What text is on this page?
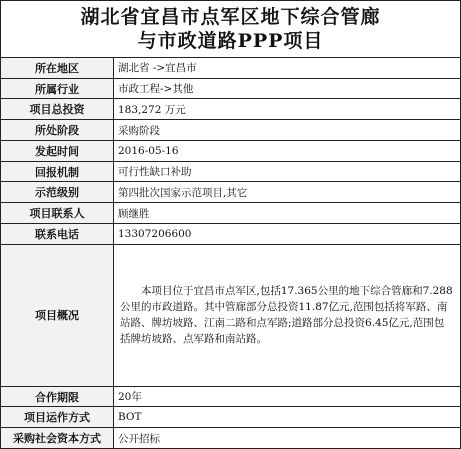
湖北省宜昌市点军区地下综合管廊
与市政道路PPP项目
所在地区	湖北省 ->宜昌市
所属行业	市政工程->其他
项目总投资	183,272 万元
所处阶段	采购阶段
发起时间	2016-05-16
回报机制	可行性缺口补助
示范级别	第四批次国家示范项目,其它
项目联系人	顾继胜
联系电话	13307206600
项目概况	本项目位于宜昌市点军区,包括17.365公里的地下综合管廊和7.288公里的市政道路。其中管廊部分总投资11.87亿元,范围包括将军路、南站路、牌坊坡路、江南二路和点军路;道路部分总投资6.45亿元,范围包括牌坊坡路、点军路和南站路。
合作期限	20年
项目运作方式	BOT
采购社会资本方式	公开招标
